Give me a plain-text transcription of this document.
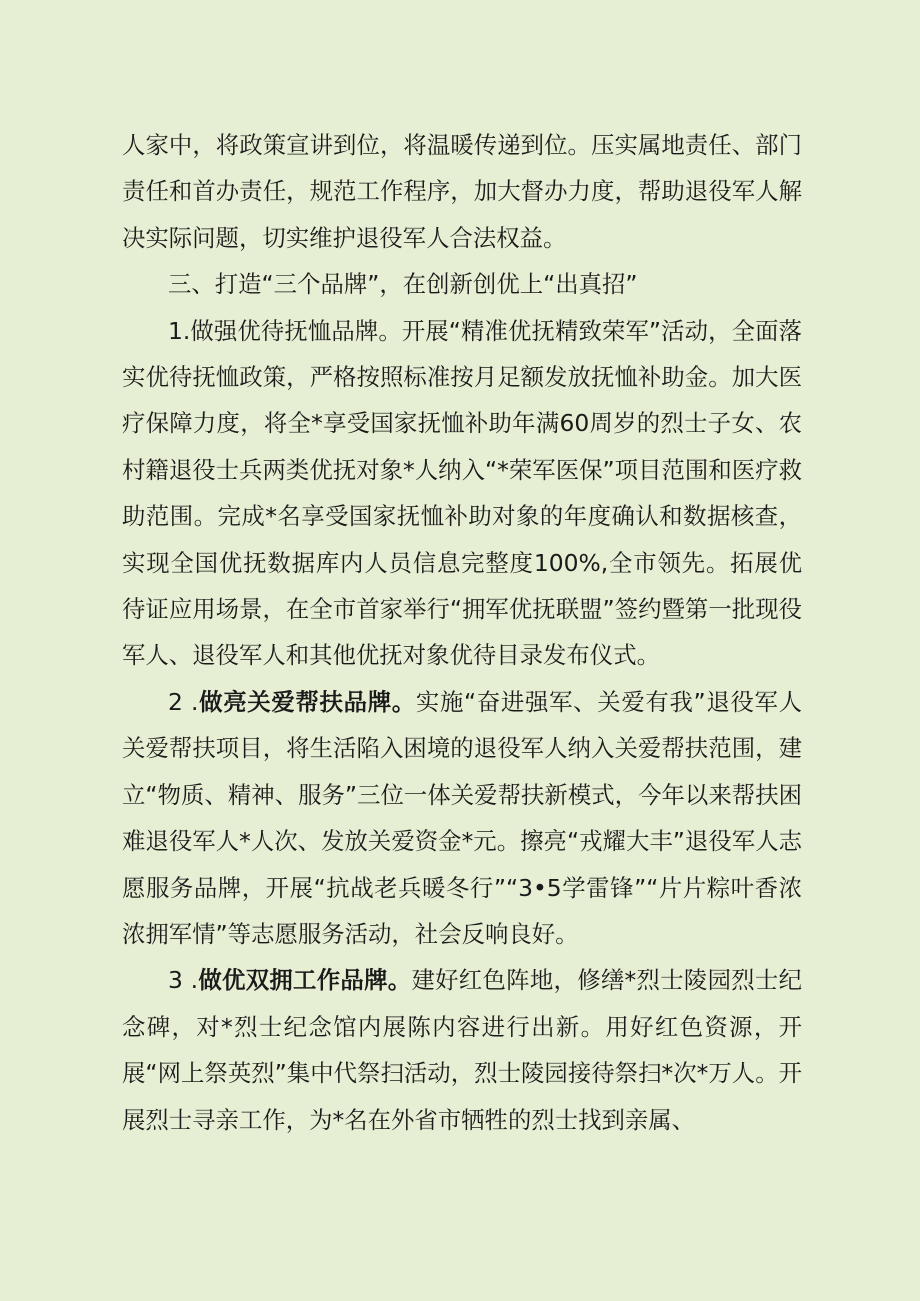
人家中，将政策宣讲到位，将温暖传递到位。压实属地责任、部门责任和首办责任，规范工作程序，加大督办力度，帮助退役军人解决实际问题，切实维护退役军人合法权益。

三、打造“三个品牌”，在创新创优上“出真招”

1.做强优待抚恤品牌。开展“精准优抚精致荣军”活动，全面落实优待抚恤政策，严格按照标准按月足额发放抚恤补助金。加大医疗保障力度，将全*享受国家抚恤补助年满60周岁的烈士子女、农村籍退役士兵两类优抚对象*人纳入“*荣军医保”项目范围和医疗救助范围。完成*名享受国家抚恤补助对象的年度确认和数据核查，实现全国优抚数据库内人员信息完整度100%,全市领先。拓展优待证应用场景，在全市首家举行“拥军优抚联盟”签约暨第一批现役军人、退役军人和其他优抚对象优待目录发布仪式。

2 .做亮关爱帮扶品牌。实施“奋进强军、关爱有我”退役军人关爱帮扶项目，将生活陷入困境的退役军人纳入关爱帮扶范围，建立“物质、精神、服务”三位一体关爱帮扶新模式，今年以来帮扶困难退役军人*人次、发放关爱资金*元。擦亮“戎耀大丰”退役军人志愿服务品牌，开展“抗战老兵暖冬行”“3•5学雷锋”“片片粽叶香浓浓拥军情”等志愿服务活动，社会反响良好。

3 .做优双拥工作品牌。建好红色阵地，修缮*烈士陵园烈士纪念碑，对*烈士纪念馆内展陈内容进行出新。用好红色资源，开展“网上祭英烈”集中代祭扫活动，烈士陵园接待祭扫*次*万人。开展烈士寻亲工作，为*名在外省市牺牲的烈士找到亲属、
